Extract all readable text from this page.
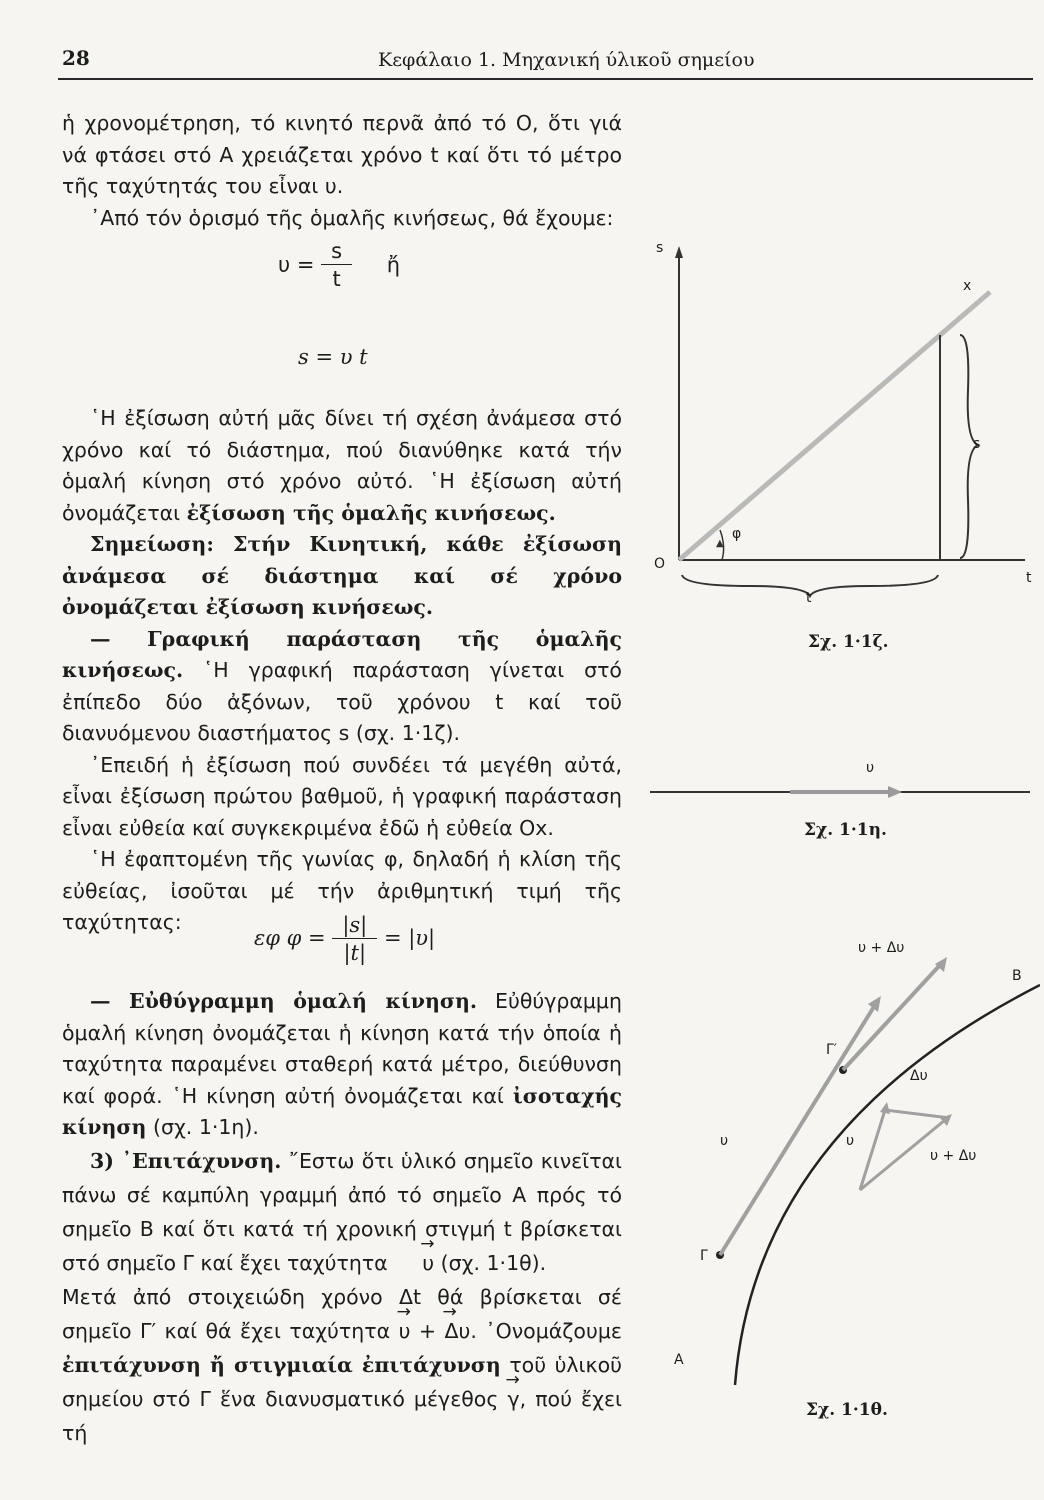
28	Κεφάλαιο 1. Μηχανική ύλικοῦ σημείου

ἡ χρονομέτρηση, τό κινητό περνᾶ ἀπό τό Ο, ὅτι γιά νά φτάσει στό Α χρειάζεται χρόνο t καί ὅτι τό μέτρο τῆς ταχύτητάς του εἶναι υ.

᾿Από τόν ὁρισμό τῆς ὁμαλῆς κινήσεως, θά ἔχουμε:

$\upsilon = \frac{s}{t}$ ἤ
s = υ t

῾Η ἐξίσωση αὐτή μᾶς δίνει τή σχέση ἀνάμεσα στό χρόνο καί τό διάστημα, πού διανύθηκε κατά τήν ὁμαλή κίνηση στό χρόνο αὐτό. ῾Η ἐξίσωση αὐτή ὀνομάζεται ἐξίσωση τῆς ὁμαλῆς κινήσεως.

Σημείωση: Στήν Κινητική, κάθε ἐξίσωση ἀνάμεσα σέ διάστημα καί σέ χρόνο ὀνομάζεται ἐξίσωση κινήσεως.

— Γραφική παράσταση τῆς ὁμαλῆς κινήσεως. ῾Η γραφική παράσταση γίνεται στό ἐπίπεδο δύο ἀξόνων, τοῦ χρόνου t καί τοῦ διανυόμενου διαστήματος s (σχ. 1·1ζ).

᾿Επειδή ἡ ἐξίσωση πού συνδέει τά μεγέθη αὐτά, εἶναι ἐξίσωση πρώτου βαθμοῦ, ἡ γραφική παράσταση εἶναι εὐθεία καί συγκεκριμένα ἐδῶ ἡ εὐθεία Οx.

῾Η ἐφαπτομένη τῆς γωνίας φ, δηλαδή ἡ κλίση τῆς εὐθείας, ἰσοῦται μέ τήν ἀριθμητική τιμή τῆς ταχύτητας:

εφ $\varphi = \frac{|s|}{|t|} = |\upsilon|$

— Εὐθύγραμμη ὁμαλή κίνηση. Εὐθύγραμμη ὁμαλή κίνηση ὀνομάζεται ἡ κίνηση κατά τήν ὁποία ἡ ταχύτητα παραμένει σταθερή κατά μέτρο, διεύθυνση καί φορά. ῾Η κίνηση αὐτή ὀνομάζεται καί ἰσοταχής κίνηση (σχ. 1·1η).

3) ᾿Επιτάχυνση. ῎Εστω ὅτι ὑλικό σημεῖο κινεῖται πάνω σέ καμπύλη γραμμή ἀπό τό σημεῖο Α πρός τό σημεῖο Β καί ὅτι κατά τή χρονική στιγμή t βρίσκεται στό σημεῖο Γ καί ἔχει ταχύτητα → υ (σχ. 1·1θ).

Μετά ἀπό στοιχειώδη χρόνο Δt θά βρίσκεται σέ σημεῖο Γ′ καί θά ἔχει ταχύτητα → υ + → Δυ. ᾿Ονομάζουμε ἐπιτάχυνση ἤ στιγμιαία ἐπιτάχυνση τοῦ ὑλικοῦ σημείου στό Γ ἕνα διανυσματικό μέγεθος → γ, πού ἔχει τή

▲
s
x
s
φ
O
t
t
Σχ. 1·1ζ.
υ
Σχ. 1·1η.
υ + Δυ
B
Γ′
Δυ
υ	υ
υ + Δυ
Γ
A
Σχ. 1·1θ.
